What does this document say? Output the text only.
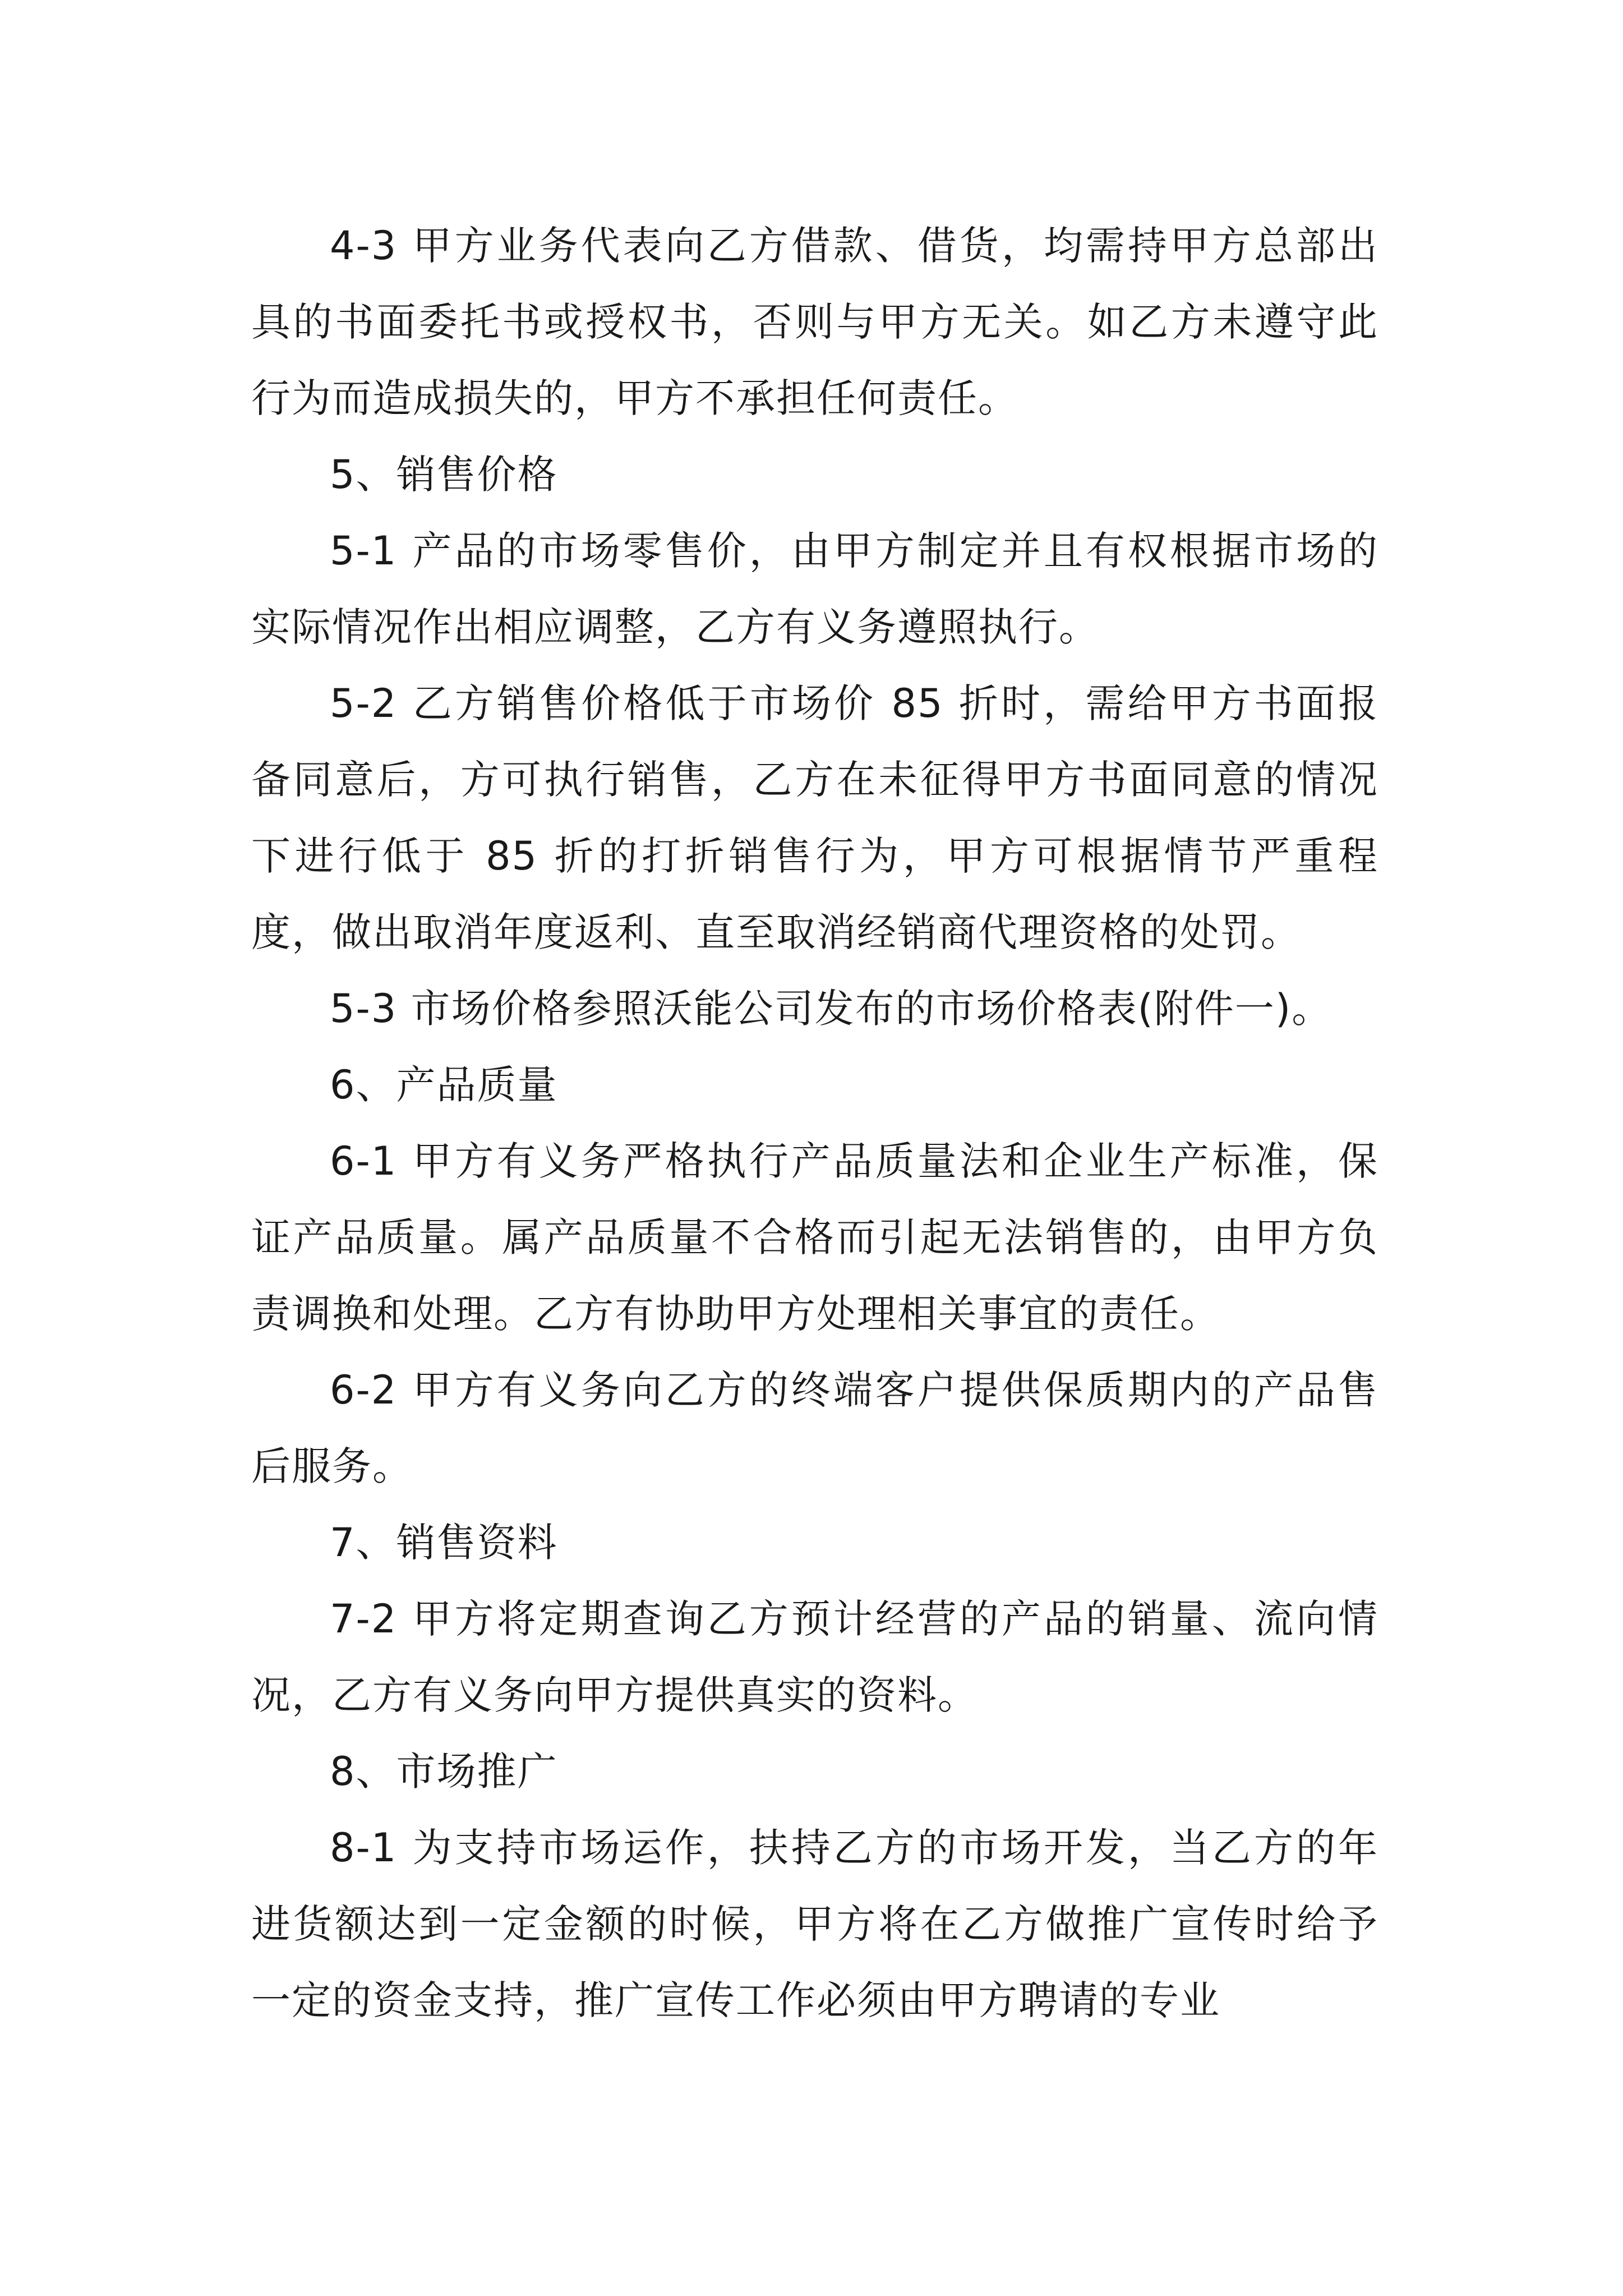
4-3 甲方业务代表向乙方借款、借货，均需持甲方总部出具的书面委托书或授权书，否则与甲方无关。如乙方未遵守此行为而造成损失的，甲方不承担任何责任。

5、销售价格

5-1 产品的市场零售价，由甲方制定并且有权根据市场的实际情况作出相应调整，乙方有义务遵照执行。

5-2 乙方销售价格低于市场价 85 折时，需给甲方书面报备同意后，方可执行销售，乙方在未征得甲方书面同意的情况下进行低于 85 折的打折销售行为，甲方可根据情节严重程度，做出取消年度返利、直至取消经销商代理资格的处罚。

5-3 市场价格参照沃能公司发布的市场价格表(附件一)。

6、产品质量

6-1 甲方有义务严格执行产品质量法和企业生产标准，保证产品质量。属产品质量不合格而引起无法销售的，由甲方负责调换和处理。乙方有协助甲方处理相关事宜的责任。

6-2 甲方有义务向乙方的终端客户提供保质期内的产品售后服务。

7、销售资料

7-2 甲方将定期查询乙方预计经营的产品的销量、流向情况，乙方有义务向甲方提供真实的资料。

8、市场推广

8-1 为支持市场运作，扶持乙方的市场开发，当乙方的年进货额达到一定金额的时候，甲方将在乙方做推广宣传时给予一定的资金支持，推广宣传工作必须由甲方聘请的专业
